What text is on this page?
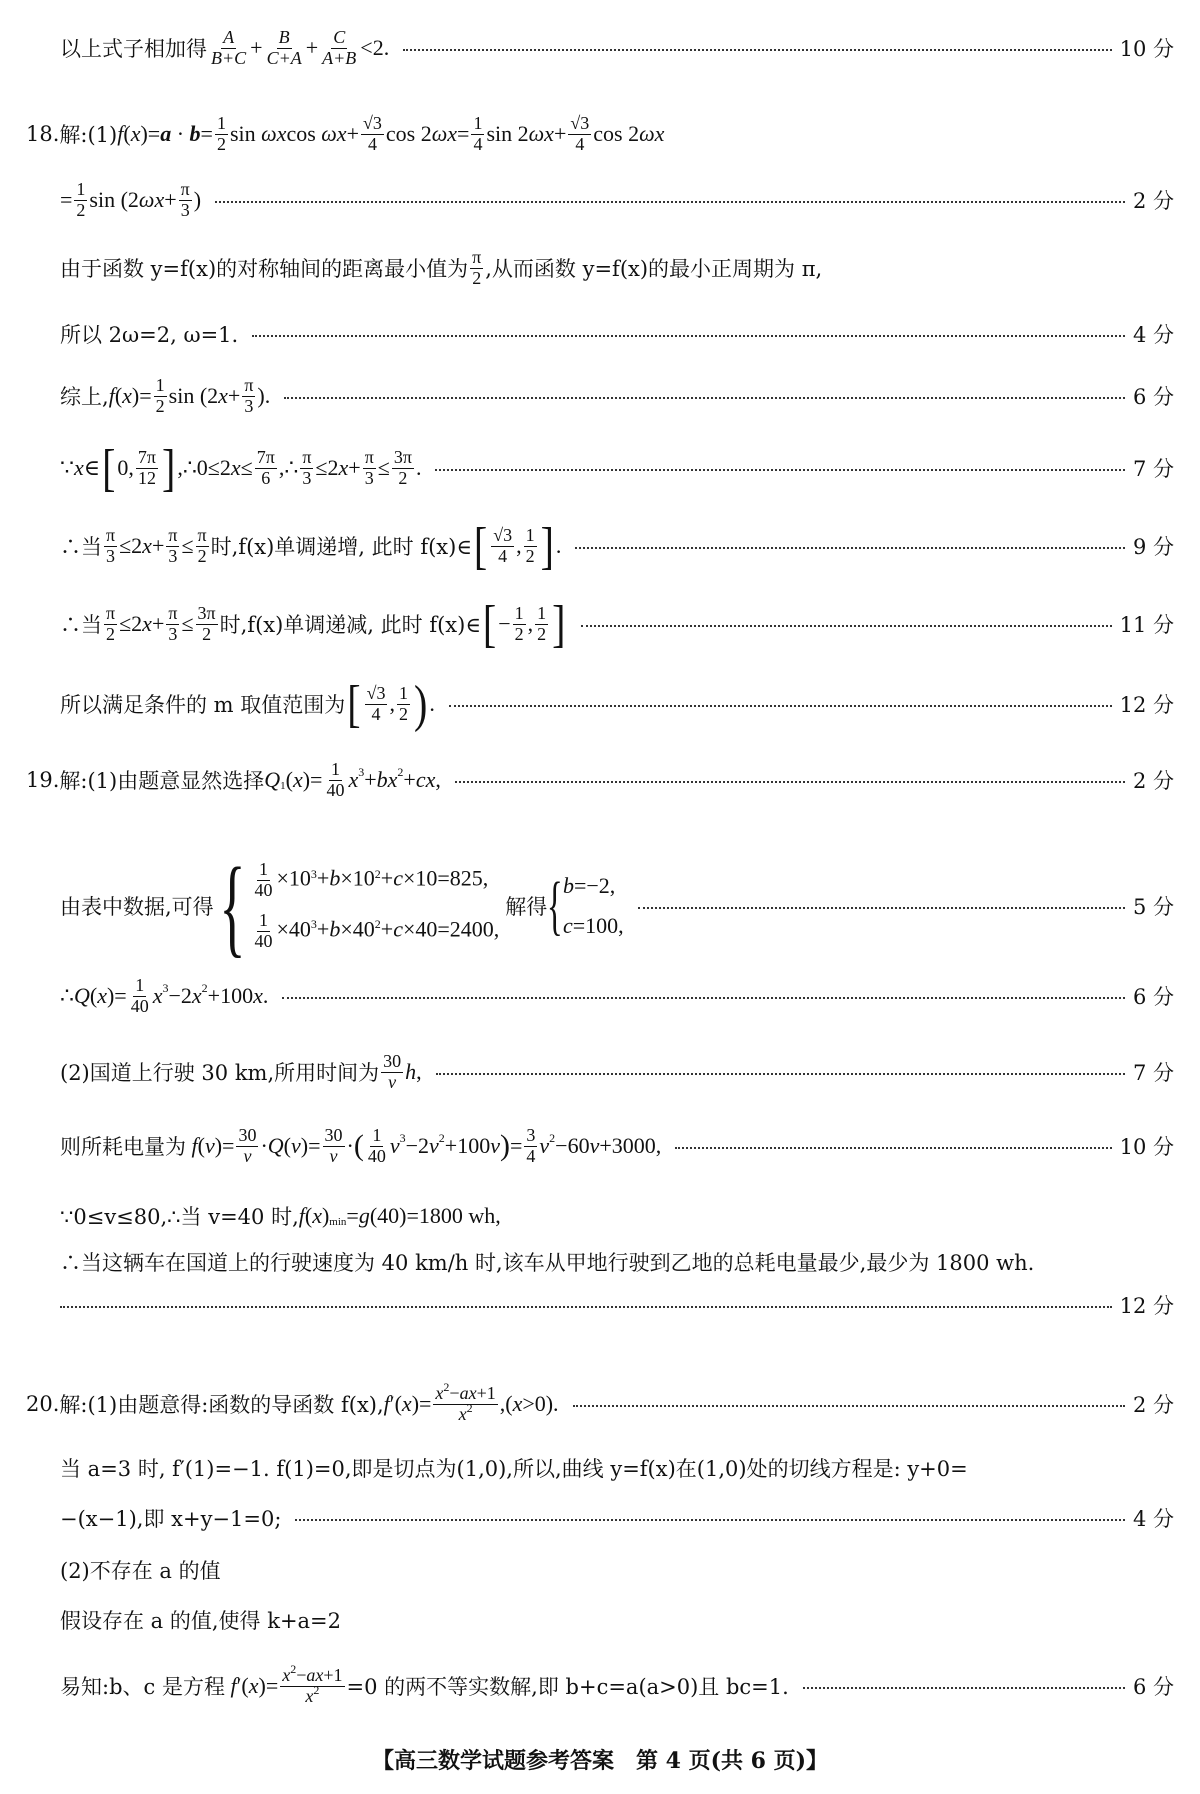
以上式子相加得 $\frac{A}{B+C} + \frac{B}{C+A} + \frac{C}{A+B} <2$.	10 分
18. 解:(1) f ( x )= $a \cdot b = \frac{1}{2}$ sin ωx $\cos \omega x + \frac{√3}{4}$ cos 2 $\omega x = \frac{1}{4}$ sin 2 $\omega x + \frac{√3}{4}$ cos 2 ωx
= $\frac{1}{2}$ sin (2 $\omega x + \frac{\pi}{3}$ )	2 分
由于函数 y=f(x)的对称轴间的距离最小值为 $\frac{\pi}{2}$ ,从而函数 y=f(x)的最小正周期为 π,
所以 2ω=2, ω=1.	4 分
综上, f ( x )= $\frac{1}{2}$ sin (2 $x + \frac{\pi}{3}$ ).	6 分
∵ x ∈ [ 0, $\frac{7\pi}{12}$ ] ,∴0≤2 $x \le \frac{7\pi}{6}$ ,∴ $\frac{\pi}{3} \le 2$ $x + \frac{\pi}{3} \le \frac{3\pi}{2}$ .	7 分
∴当 $\frac{\pi}{3} \le 2$ $x + \frac{\pi}{3} \le \frac{\pi}{2}$ 时,f(x)单调递增, 此时 f(x)∈ [ $\frac{√3}{4}$ , $\frac{1}{2}$ ] .	9 分
∴当 $\frac{\pi}{2} \le 2$ $x + \frac{\pi}{3} \le \frac{3\pi}{2}$ 时,f(x)单调递减, 此时 f(x)∈ [ − $\frac{1}{2}$ , $\frac{1}{2}$ ]	11 分
所以满足条件的 m 取值范围为 [ $\frac{√3}{4}$ , $\frac{1}{2}$ ) .	12 分
19. 解:(1)由题意显然选择 Q 1 ( x )= $\frac{1}{40}$ x 3 + bx 2 + cx ,	2 分
由表中数据,可得 { $\frac{1}{40} \times 10^3+b\times 10^2+c\times 10=825$,
$\frac{1}{40} \times 40^3+b\times 40^2+c\times 40=2400$,
解得 { b=−2,
c=100,
5 分
∴ Q ( x )= $\frac{1}{40}$ x 3 −2 x 2 +100 x .	6 分
(2)国道上行驶 30 km,所用时间为 $\frac{30}{v}$ h ,	7 分
则所耗电量为
f ( v )= $\frac{30}{v} \cdot Q$ ( v )= $\frac{30}{v}$ · ( $\frac{1}{40}$ v 3 −2 v 2 +100 v ) = $\frac{3}{4}$ v 2 −60 v +3000,	10 分
∵0≤v≤80,∴当 v=40 时, f ( x ) min = g (40)=1800 wh,
∴当这辆车在国道上的行驶速度为 40 km/h 时,该车从甲地行驶到乙地的总耗电量最少,最少为 1800 wh.
12 分
20. 解:(1)由题意得:函数的导函数 f(x), f ′( x )= $\frac{x^2-ax+1}{x^2}$ ,( x >0).	2 分
当 a=3 时, f′(1)=−1. f(1)=0,即是切点为(1,0),所以,曲线 y=f(x)在(1,0)处的切线方程是: y+0=
−(x−1),即 x+y−1=0;	4 分
(2)不存在 a 的值
假设存在 a 的值,使得 k+a=2
易知:b、c 是方程
f ′( x )= $\frac{x^2-ax+1}{x^2} =0$ 的两不等实数解,即 b+c=a(a>0)且 bc=1.	6 分
【高三数学试题参考答案　第 4 页(共 6 页)】
